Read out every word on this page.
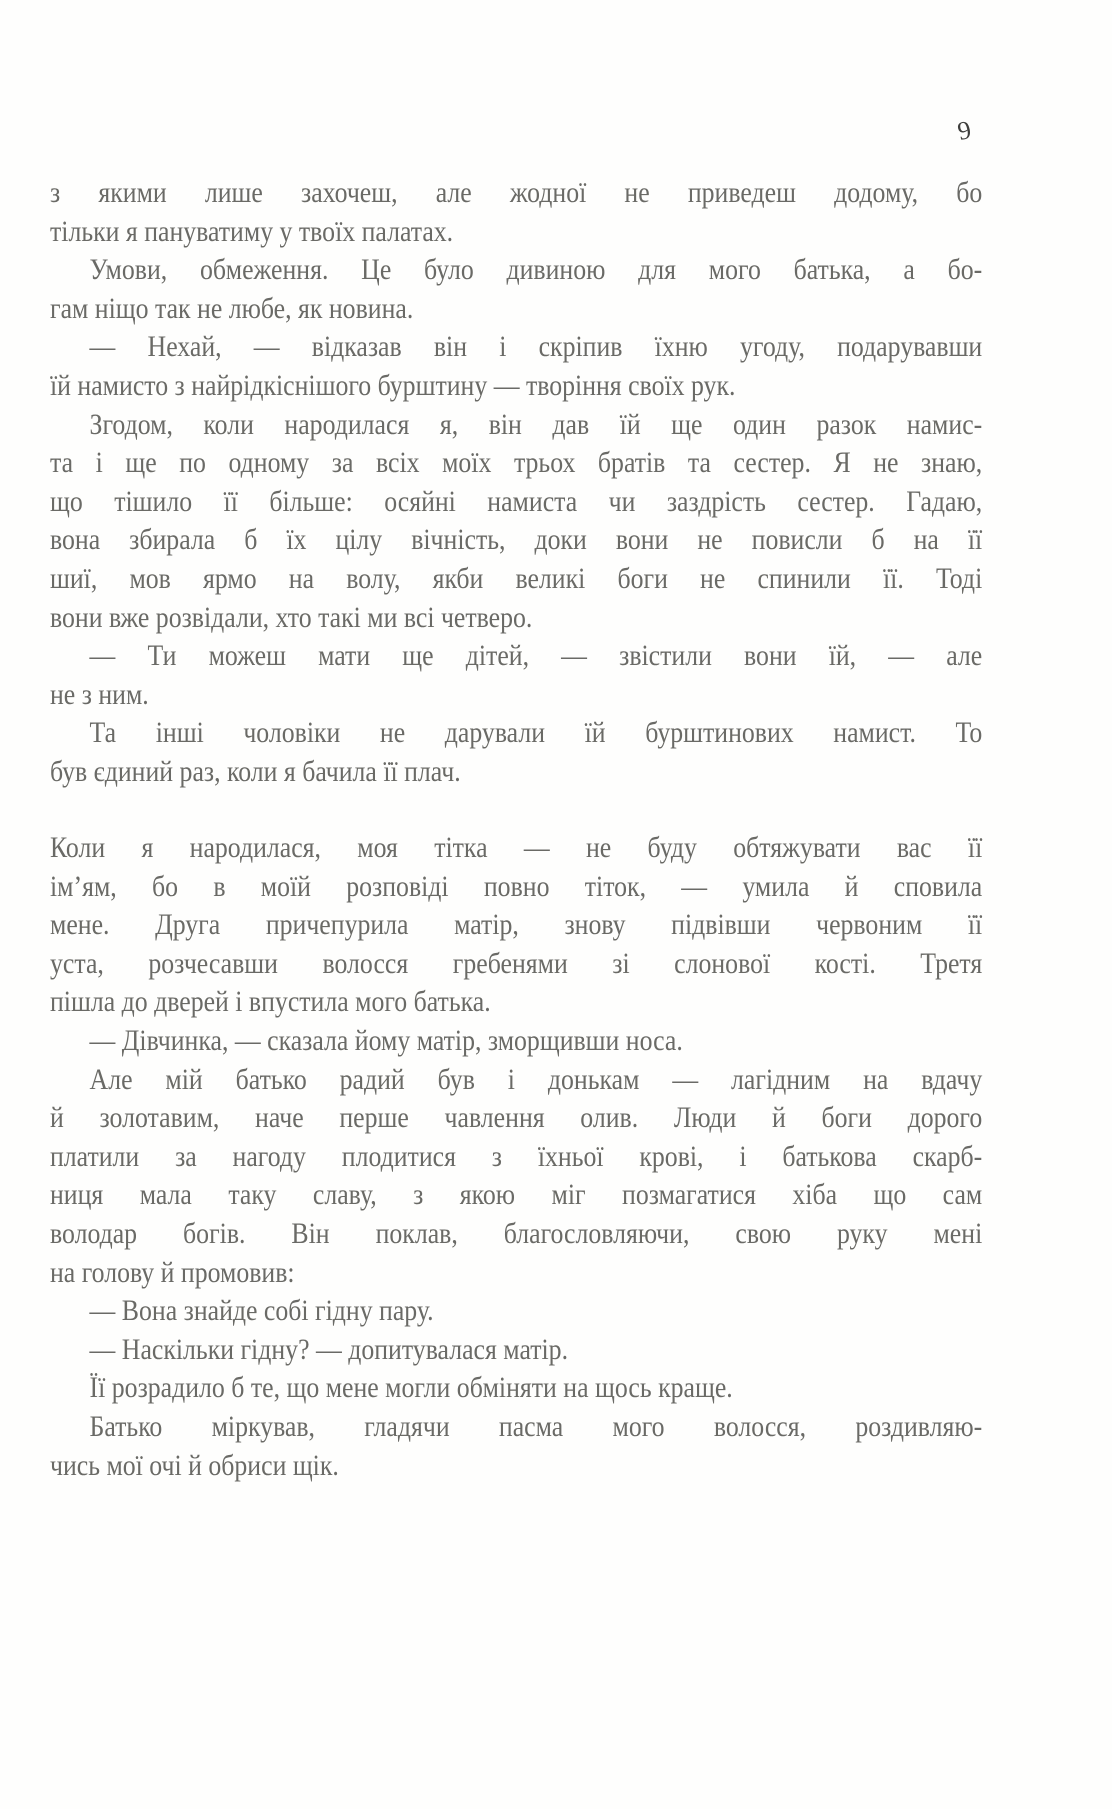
9
з якими лише захочеш, але жодної не приведеш додому, бо
тільки я пануватиму у твоїх палатах.
Умови, обмеження. Це було дивиною для мого батька, а бо-
гам ніщо так не любе, як новина.
— Нехай, — відказав він і скріпив їхню угоду, подарувавши
їй намисто з найрідкіснішого бурштину — творіння своїх рук.
Згодом, коли народилася я, він дав їй ще один разок намис-
та і ще по одному за всіх моїх трьох братів та сестер. Я не знаю,
що тішило її більше: осяйні намиста чи заздрість сестер. Гадаю,
вона збирала б їх цілу вічність, доки вони не повисли б на її
шиї, мов ярмо на волу, якби великі боги не спинили її. Тоді
вони вже розвідали, хто такі ми всі четверо.
— Ти можеш мати ще дітей, — звістили вони їй, — але
не з ним.
Та інші чоловіки не дарували їй бурштинових намист. То
був єдиний раз, коли я бачила її плач.
Коли я народилася, моя тітка — не буду обтяжувати вас її
ім’ям, бо в моїй розповіді повно тіток, — умила й сповила
мене. Друга причепурила матір, знову підвівши червоним її
уста, розчесавши волосся гребенями зі слонової кості. Третя
пішла до дверей і впустила мого батька.
— Дівчинка, — сказала йому матір, зморщивши носа.
Але мій батько радий був і донькам — лагідним на вдачу
й золотавим, наче перше чавлення олив. Люди й боги дорого
платили за нагоду плодитися з їхньої крові, і батькова скарб-
ниця мала таку славу, з якою міг позмагатися хіба що сам
володар богів. Він поклав, благословляючи, свою руку мені
на голову й промовив:
— Вона знайде собі гідну пару.
— Наскільки гідну? — допитувалася матір.
Її розрадило б те, що мене могли обміняти на щось краще.
Батько міркував, гладячи пасма мого волосся, роздивляю-
чись мої очі й обриси щік.
